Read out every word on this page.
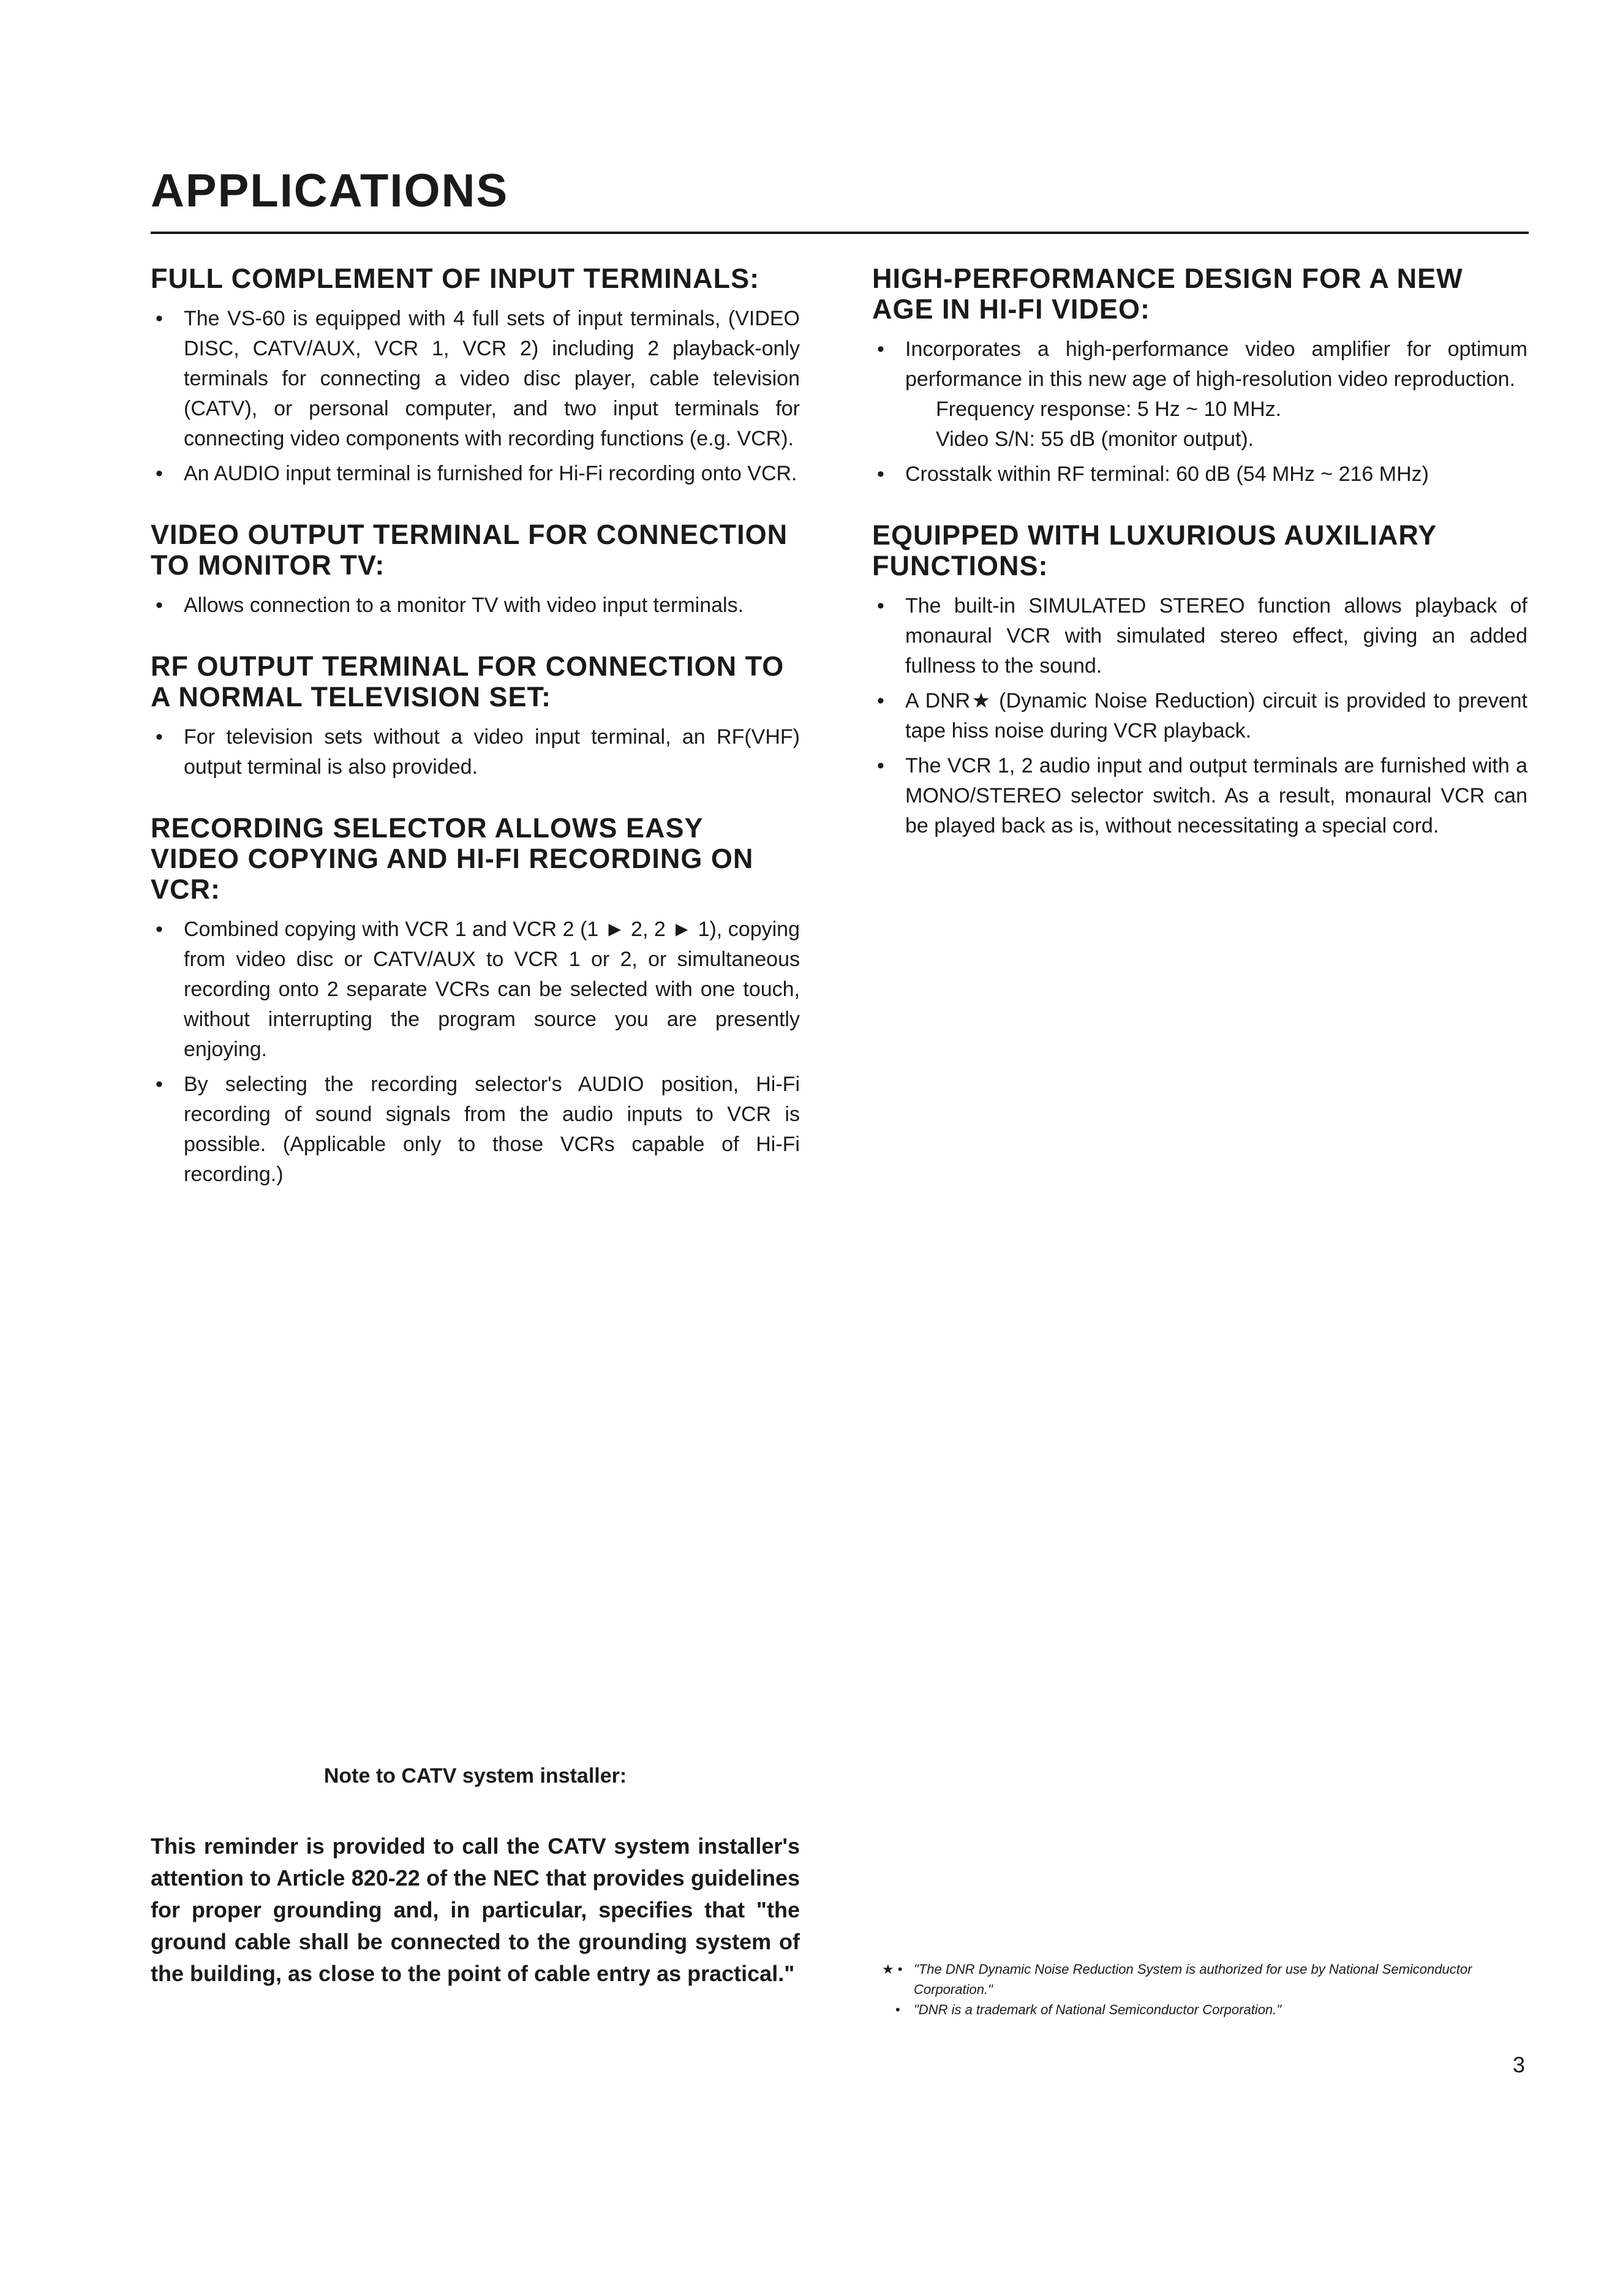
APPLICATIONS
FULL COMPLEMENT OF INPUT TERMINALS:
• The VS-60 is equipped with 4 full sets of input terminals, (VIDEO DISC, CATV/AUX, VCR 1, VCR 2) including 2 playback-only terminals for connecting a video disc player, cable television (CATV), or personal computer, and two input terminals for connecting video components with recording functions (e.g. VCR).
• An AUDIO input terminal is furnished for Hi-Fi recording onto VCR.
VIDEO OUTPUT TERMINAL FOR CONNECTION TO MONITOR TV:
• Allows connection to a monitor TV with video input terminals.
RF OUTPUT TERMINAL FOR CONNECTION TO A NORMAL TELEVISION SET:
• For television sets without a video input terminal, an RF(VHF) output terminal is also provided.
RECORDING SELECTOR ALLOWS EASY VIDEO COPYING AND HI-FI RECORDING ON VCR:
• Combined copying with VCR 1 and VCR 2 (1 ► 2, 2 ► 1), copying from video disc or CATV/AUX to VCR 1 or 2, or simultaneous recording onto 2 separate VCRs can be selected with one touch, without interrupting the program source you are presently enjoying.
• By selecting the recording selector's AUDIO position, Hi-Fi recording of sound signals from the audio inputs to VCR is possible. (Applicable only to those VCRs capable of Hi-Fi recording.)
HIGH-PERFORMANCE DESIGN FOR A NEW AGE IN HI-FI VIDEO:
• Incorporates a high-performance video amplifier for optimum performance in this new age of high-resolution video reproduction.
Frequency response: 5 Hz ~ 10 MHz.
Video S/N: 55 dB (monitor output).
• Crosstalk within RF terminal: 60 dB (54 MHz ~ 216 MHz)
EQUIPPED WITH LUXURIOUS AUXILIARY FUNCTIONS:
• The built-in SIMULATED STEREO function allows playback of monaural VCR with simulated stereo effect, giving an added fullness to the sound.
• A DNR★ (Dynamic Noise Reduction) circuit is provided to prevent tape hiss noise during VCR playback.
• The VCR 1, 2 audio input and output terminals are furnished with a MONO/STEREO selector switch. As a result, monaural VCR can be played back as is, without necessitating a special cord.
Note to CATV system installer:
This reminder is provided to call the CATV system installer's attention to Article 820-22 of the NEC that provides guidelines for proper grounding and, in particular, specifies that "the ground cable shall be connected to the grounding system of the building, as close to the point of cable entry as practical."	★ • "The DNR Dynamic Noise Reduction System is authorized for use by National Semiconductor Corporation."
• "DNR is a trademark of National Semiconductor Corporation."
3
